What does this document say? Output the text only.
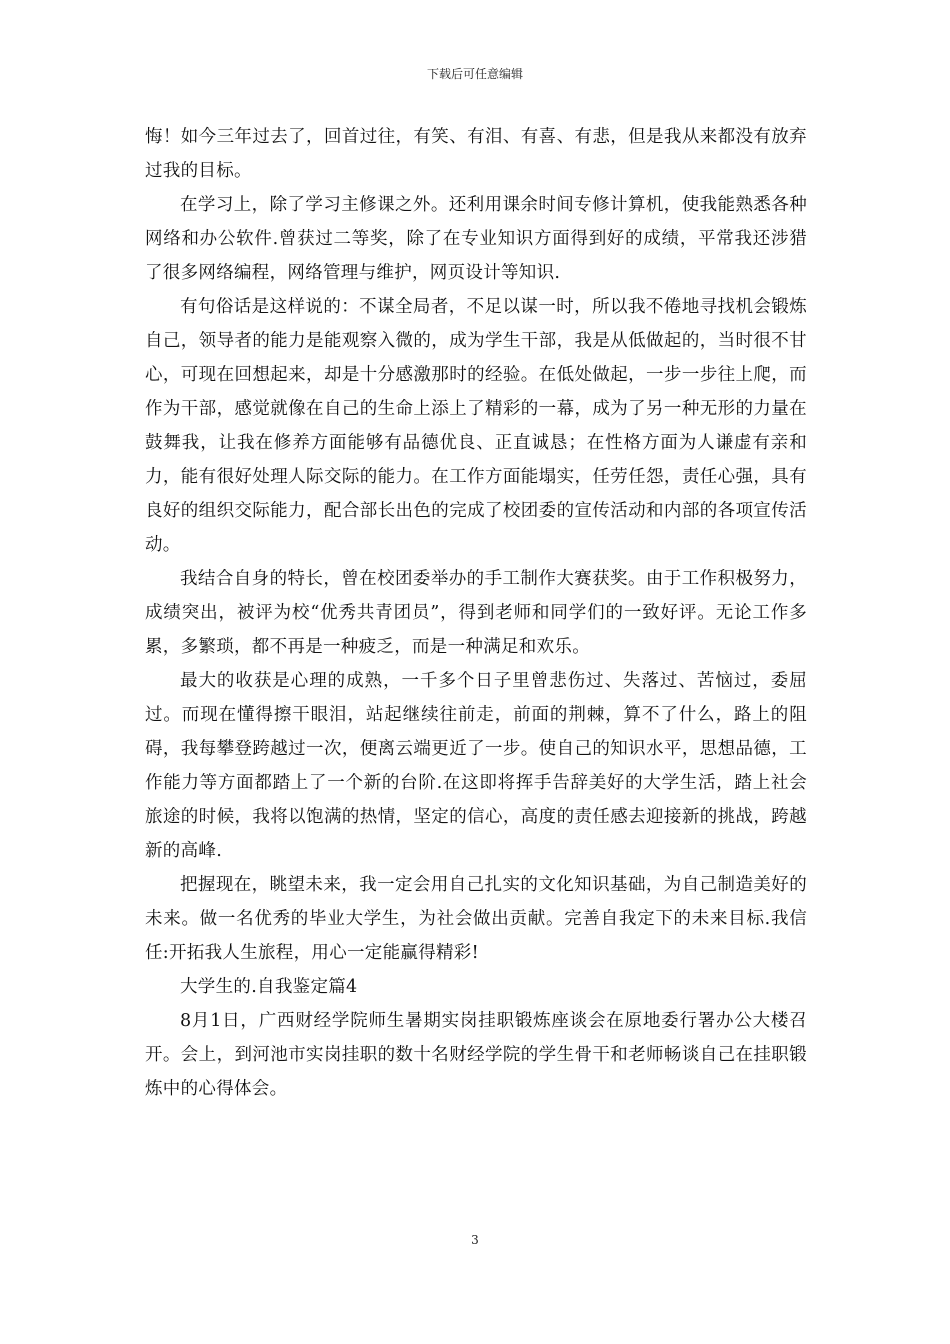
下载后可任意编辑

悔！如今三年过去了，回首过往，有笑、有泪、有喜、有悲，但是我从来都没有放弃过我的目标。

在学习上，除了学习主修课之外。还利用课余时间专修计算机，使我能熟悉各种网络和办公软件.曾获过二等奖，除了在专业知识方面得到好的成绩，平常我还涉猎了很多网络编程，网络管理与维护，网页设计等知识.

有句俗话是这样说的：不谋全局者，不足以谋一时，所以我不倦地寻找机会锻炼自己，领导者的能力是能观察入微的，成为学生干部，我是从低做起的，当时很不甘心，可现在回想起来，却是十分感激那时的经验。在低处做起，一步一步往上爬，而作为干部，感觉就像在自己的生命上添上了精彩的一幕，成为了另一种无形的力量在鼓舞我，让我在修养方面能够有品德优良、正直诚恳；在性格方面为人谦虚有亲和力，能有很好处理人际交际的能力。在工作方面能塌实，任劳任怨，责任心强，具有良好的组织交际能力，配合部长出色的完成了校团委的宣传活动和内部的各项宣传活动。

我结合自身的特长，曾在校团委举办的手工制作大赛获奖。由于工作积极努力，成绩突出，被评为校“优秀共青团员”，得到老师和同学们的一致好评。无论工作多累，多繁琐，都不再是一种疲乏，而是一种满足和欢乐。

最大的收获是心理的成熟，一千多个日子里曾悲伤过、失落过、苦恼过，委屈过。而现在懂得擦干眼泪，站起继续往前走，前面的荆棘，算不了什么，路上的阻碍，我每攀登跨越过一次，便离云端更近了一步。使自己的知识水平，思想品德，工作能力等方面都踏上了一个新的台阶.在这即将挥手告辞美好的大学生活，踏上社会旅途的时候，我将以饱满的热情，坚定的信心，高度的责任感去迎接新的挑战，跨越新的高峰.

把握现在，眺望未来，我一定会用自己扎实的文化知识基础，为自己制造美好的未来。做一名优秀的毕业大学生，为社会做出贡献。完善自我定下的未来目标.我信任:开拓我人生旅程，用心一定能赢得精彩!

大学生的.自我鉴定篇4

8月1日，广西财经学院师生暑期实岗挂职锻炼座谈会在原地委行署办公大楼召开。会上，到河池市实岗挂职的数十名财经学院的学生骨干和老师畅谈自己在挂职锻炼中的心得体会。

3
